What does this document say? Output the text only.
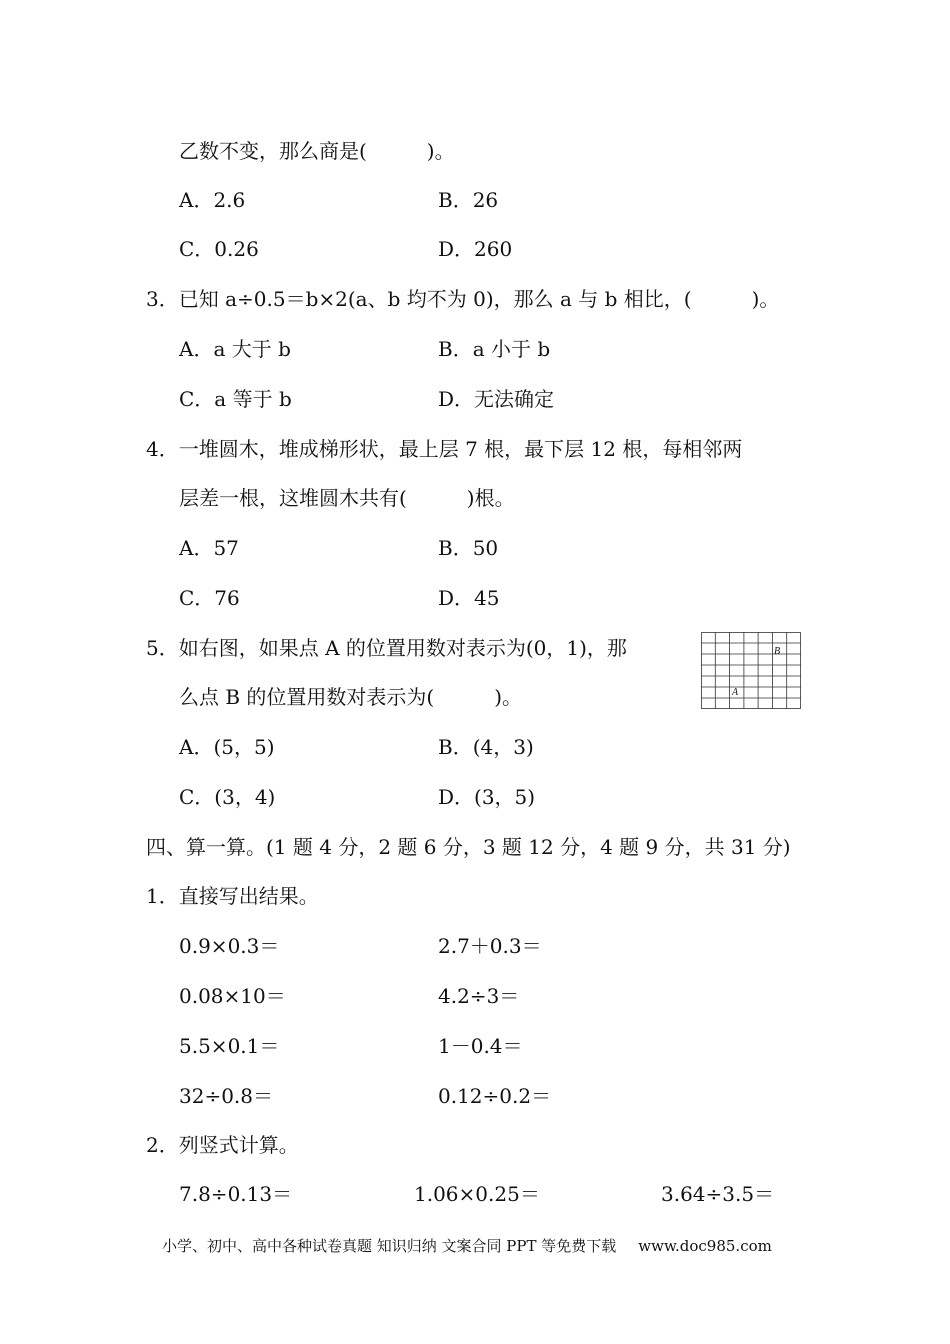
乙数不变，那么商是(　　　)。
A．2.6	B．26
C．0.26	D．260
3．已知 a÷0.5＝b×2(a、b 均不为 0)，那么 a 与 b 相比，(　　　)。
A．a 大于 b	B．a 小于 b
C．a 等于 b	D．无法确定
4．一堆圆木，堆成梯形状，最上层 7 根，最下层 12 根，每相邻两
层差一根，这堆圆木共有(　　　)根。
A．57	B．50
C．76	D．45
5．如右图，如果点 A 的位置用数对表示为(0，1)，那
么点 B 的位置用数对表示为(　　　)。	A
B
A．(5，5)	B．(4，3)
C．(3，4)	D．(3，5)
四、算一算。(1 题 4 分，2 题 6 分，3 题 12 分，4 题 9 分，共 31 分)
1．直接写出结果。
0.9×0.3＝	2.7＋0.3＝
0.08×10＝	4.2÷3＝
5.5×0.1＝	1－0.4＝
32÷0.8＝	0.12÷0.2＝
2．列竖式计算。
7.8÷0.13＝	1.06×0.25＝	3.64÷3.5＝
小学、初中、高中各种试卷真题 知识归纳 文案合同 PPT 等免费下载 www.doc985.com
